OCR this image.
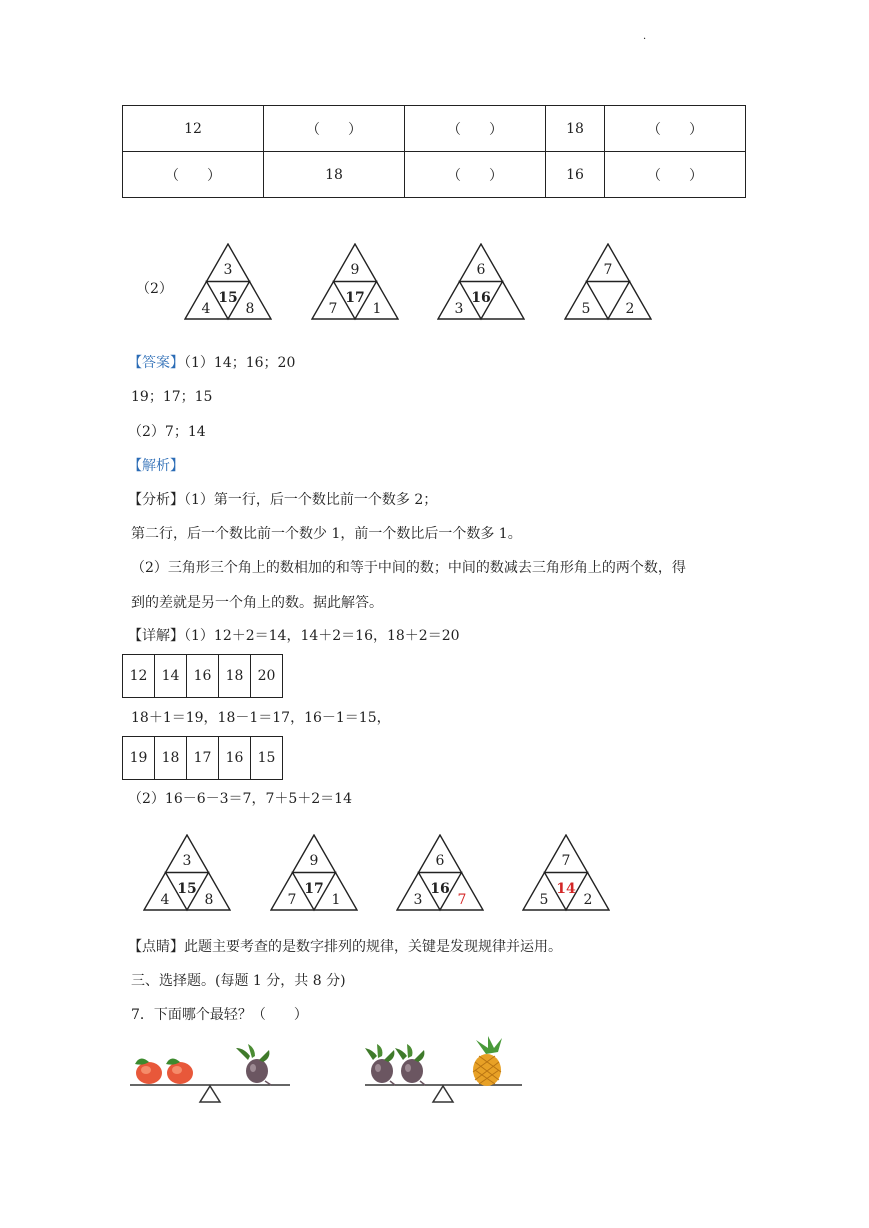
·
12	（　　）	（　　）	18	（　　）
（　　）	18	（　　）	16	（　　）
（2）
3
15
4	8
9
17
7	1
6
16
3
7
5	2
【答案】（1）14；16；20
19；17；15
（2）7；14
【解析】
【分析】（1）第一行，后一个数比前一个数多 2；
第二行，后一个数比前一个数少 1，前一个数比后一个数多 1。
（2）三角形三个角上的数相加的和等于中间的数；中间的数减去三角形角上的两个数，得
到的差就是另一个角上的数。据此解答。
【详解】（1）12＋2＝14，14＋2＝16，18＋2＝20
12	14	16	18	20
18＋1＝19，18－1＝17，16－1＝15，
19	18	17	16	15
（2）16－6－3＝7，7＋5＋2＝14
3
15
4	8
9
17
7	1
6
16
3	7
7
14
5	2
【点睛】此题主要考查的是数字排列的规律，关键是发现规律并运用。
三、选择题。(每题 1 分，共 8 分)
7．下面哪个最轻？（　　）
